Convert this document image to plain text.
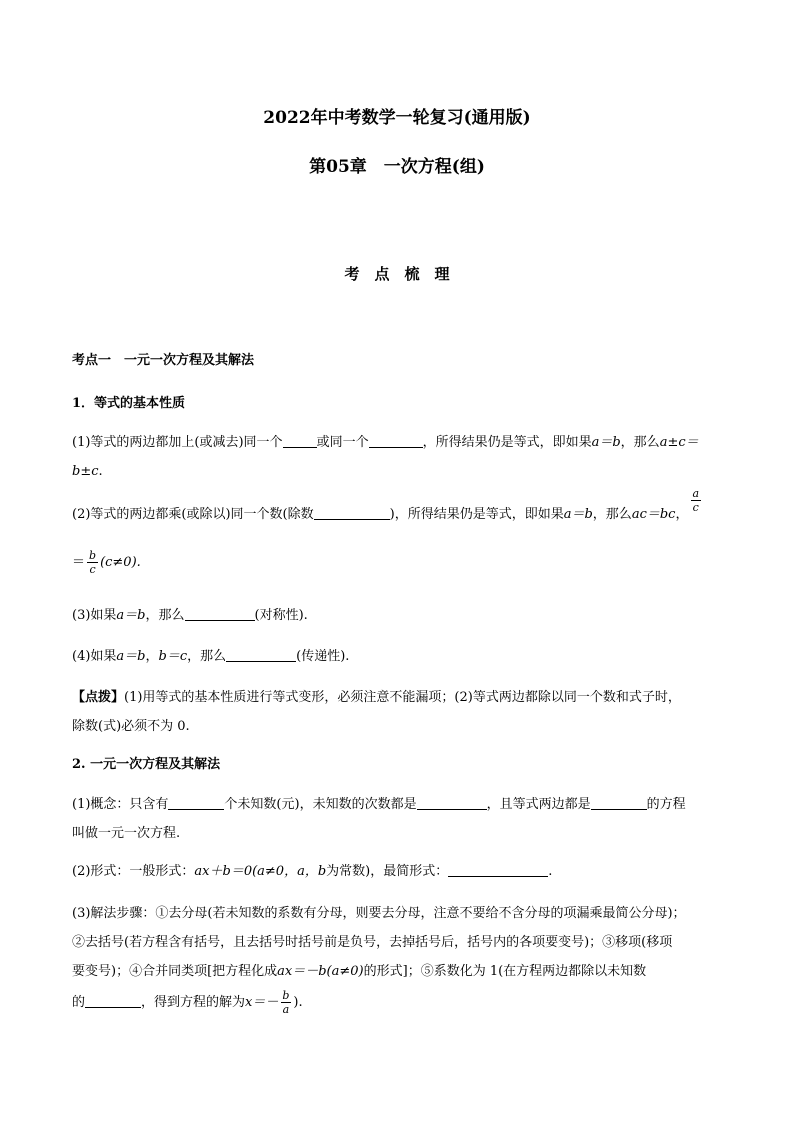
2022年中考数学一轮复习(通用版)
第05章　一次方程(组)
考　点　梳　理
考点一　一元一次方程及其解法
1．等式的基本性质
(1)等式的两边都加上(或减去)同一个	或同一个	，所得结果仍是等式，即如果a＝b，那么a±c＝
b±c.
(2)等式的两边都乘(或除以)同一个数(除数	)，所得结果仍是等式，即如果a＝b，那么ac＝bc，
$\frac{a}{c}$
＝ $\frac{b}{c} (c\ne 0)$.
(3)如果a＝b，那么	(对称性).
(4)如果a＝b，b＝c，那么	(传递性).
【点拨】(1)用等式的基本性质进行等式变形，必须注意不能漏项；(2)等式两边都除以同一个数和式子时，
除数(式)必须不为 0.
2. 一元一次方程及其解法
(1)概念：只含有	个未知数(元)，未知数的次数都是	，且等式两边都是	的方程
叫做一元一次方程.
(2)形式：一般形式：ax＋b＝0(a≠0，a，b为常数)，最简形式：	.
(3)解法步骤：①去分母(若未知数的系数有分母，则要去分母，注意不要给不含分母的项漏乘最简公分母)；
②去括号(若方程含有括号，且去括号时括号前是负号，去掉括号后，括号内的各项要变号)；③移项(移项
要变号)；④合并同类项[把方程化成ax＝－b(a≠0)的形式]；⑤系数化为 1(在方程两边都除以未知数
的	，得到方程的解为$x=- \frac{b}{a}$ ).
